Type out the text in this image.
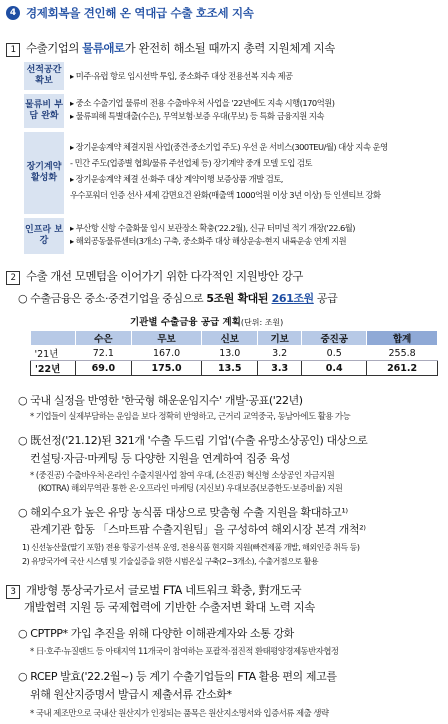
4 경제회복을 견인해 온 역대급 수출 호조세 지속
1 수출기업의 물류애로가 완전히 해소될 때까지 총력 지원체계 지속
선적공간 확보
▸ 미주·유럽 항로 임시선박 투입, 중소화주 대상 전용선복 지속 제공
물류비 부담 완화
▸ 중소 수출기업 물류비 전용 수출바우처 사업을 '22년에도 지속 시행(170억원)
▸ 물류피해 특별대출(수은), 무역보험·보증 우대(무보) 등 특화 금융지원 지속
장기계약 활성화
▸ 장기운송계약 체결지원 사업(중견·중소기업 주도) 우선 운 서비스(300TEU/월) 대상 지속 운영
- 민간 주도(업종별 협회/물류 주선업체 등) 장기계약 중개 모델 도입 검토
▸ 장기운송계약 체결 선·화주 대상 계약이행 보증상품 개발 검토,
우수포워더 인증 선사 세제 감면요건 완화(매출액 1000억원 이상 3년 이상) 등 인센티브 강화
인프라 보강
▸ 부산항 신항 수출화물 임시 보관장소 확충('22.2월), 신규 터미널 적기 개장('22.6월)
▸ 해외공동물류센터(3개소) 구축, 중소화주 대상 해상운송-현지 내륙운송 연계 지원
2 수출 개선 모멘텀을 이어가기 위한 다각적인 지원방안 강구
○ 수출금융은 중소·중견기업을 중심으로 5조원 확대된 261조원 공급
기관별 수출금융 공급 계획(단위: 조원)
	수은	무보	신보	기보	중진공	합계
'21년	72.1	167.0	13.0	3.2	0.5	255.8
'22년	69.0	175.0	13.5	3.3	0.4	261.2
○ 국내 실정을 반영한 '한국형 해운운임지수' 개발·공표('22년)
* 기업들이 실제부담하는 운임을 보다 정확히 반영하고, 근거리 교역중국, 동남아에도 활용 가능
○ 既선정('21.12)된 321개 '수출 두드림 기업'(수출 유망소상공인) 대상으로
컨설팅·자금·마케팅 등 다양한 지원을 연계하여 집중 육성
* (중진공) 수출바우처·온라인 수출지원사업 참여 우대, (소진공) 혁신형 소상공인 자금지원
(KOTRA) 해외무역관 통한 온·오프라인 마케팅 (지신보) 우대보증(보증한도·보증비율) 지원
○ 해외수요가 높은 유망 농식품 대상으로 맞춤형 수출 지원을 확대하고¹⁾
관계기관 합동 「스마트팜 수출지원팀」을 구성하여 해외시장 본격 개척²⁾
1) 신선농산물(딸기 포함) 전용 항공기·선복 운영, 전용식품 현지화 지원(빠견제품 개발, 해외인증 취득 등)
2) 유망국가에 국산 시스템 및 기술실증을 위한 시범온실 구축(2~3개소), 수출거점으로 활용
3 개방형 통상국가로서 글로벌 FTA 네트워크 확충, 對개도국
개발협력 지원 등 국제협력에 기반한 수출저변 확대 노력 지속
○ CPTPP* 가입 추진을 위해 다양한 이해관계자와 소통 강화
* 日·호주·뉴질랜드 등 아태지역 11개국이 참여하는 포괄적·점진적 환태평양경제동반자협정
○ RCEP 발효('22.2월~) 등 계기 수출기업들의 FTA 활용 편의 제고를
위해 원산지증명서 발급시 제출서류 간소화*
* 국내 제조만으로 국내산 원산지가 인정되는 품목은 원산지소명서와 입증서류 제출 생략
